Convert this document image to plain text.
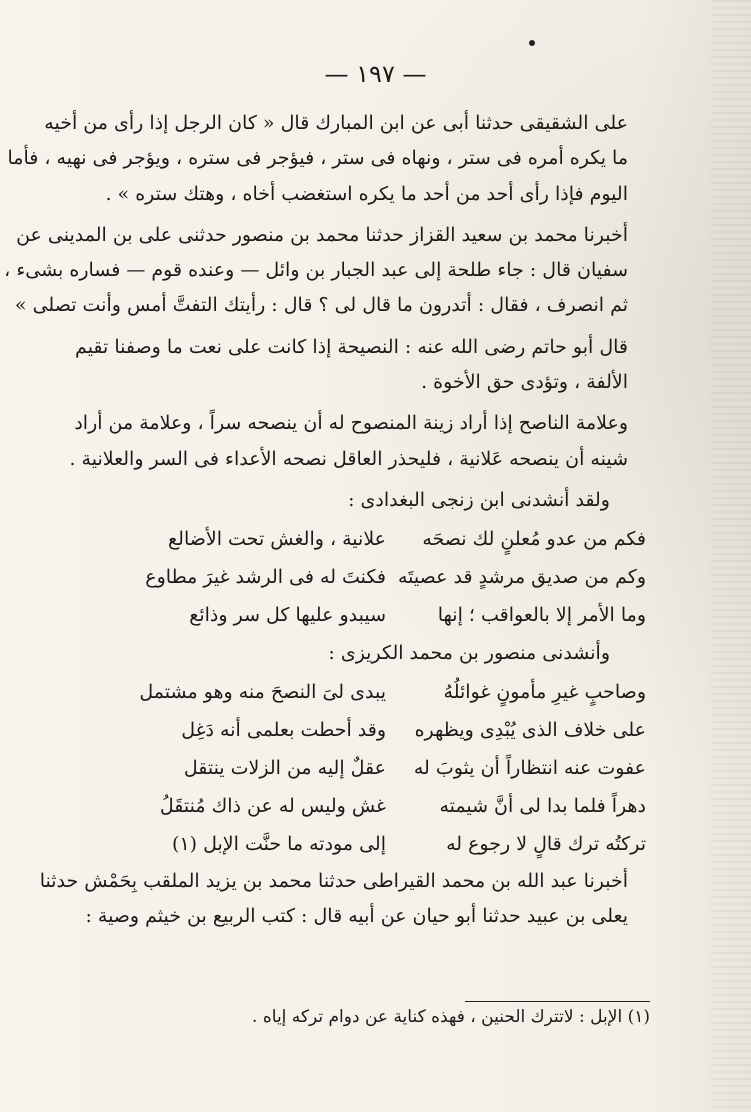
— ١٩٧ —

على الشقيقى حدثنا أبى عن ابن المبارك قال « كان الرجل إذا رأى من أخيه
ما يكره أمره فى ستر ، ونهاه فى ستر ، فيؤجر فى ستره ، ويؤجر فى نهيه ، فأما
اليوم فإذا رأى أحد من أحد ما يكره استغضب أخاه ، وهتك ستره » .

أخبرنا محمد بن سعيد القزاز حدثنا محمد بن منصور حدثنى على بن المدينى عن
سفيان قال : جاء طلحة إلى عبد الجبار بن وائل — وعنده قوم — فساره بشىء ،
ثم انصرف ، فقال : أتدرون ما قال لى ؟ قال : رأيتك التفتَّ أمس وأنت تصلى »

قال أبو حاتم رضى الله عنه : النصيحة إذا كانت على نعت ما وصفنا تقيم
الألفة ، وتؤدى حق الأخوة .

وعلامة الناصح إذا أراد زينة المنصوح له أن ينصحه سراً ، وعلامة من أراد
شينه أن ينصحه عَلانية ، فليحذر العاقل نصحه الأعداء فى السر والعلانية .

ولقد أنشدنى ابن زنجى البغدادى :

فكم من عدو مُعلنٍ لك نصحَه
علانية ، والغش تحت الأضالع
وكم من صديق مرشدٍ قد عصيتَه
فكنتَ له فى الرشد غيرَ مطاوع
وما الأمر إلا بالعواقب ؛ إنها
سيبدو عليها كل سر وذائع

وأنشدنى منصور بن محمد الكريزى :

وصاحبٍ غيرِ مأمونٍ غوائلُهُ
يبدى لىَ النصحَ منه وهو مشتمل
على خلاف الذى يُبْدِى ويظهره
وقد أحطت بعلمى أنه دَغِل
عفوت عنه انتظاراً أن يثوبَ له
عقلٌ إليه من الزلات ينتقل
دهراً فلما بدا لى أنَّ شيمته
غش وليس له عن ذاك مُنتقَلُ
تركتُه ترك قالٍ لا رجوع له
إلى مودته ما حنَّت الإبل (١)

أخبرنا عبد الله بن محمد القيراطى حدثنا محمد بن يزيد الملقب بِحَمْش حدثنا
يعلى بن عبيد حدثنا أبو حيان عن أبيه قال : كتب الربيع بن خيثم وصية :

(١) الإبل : لاتترك الحنين ، فهذه كناية عن دوام تركه إياه .
